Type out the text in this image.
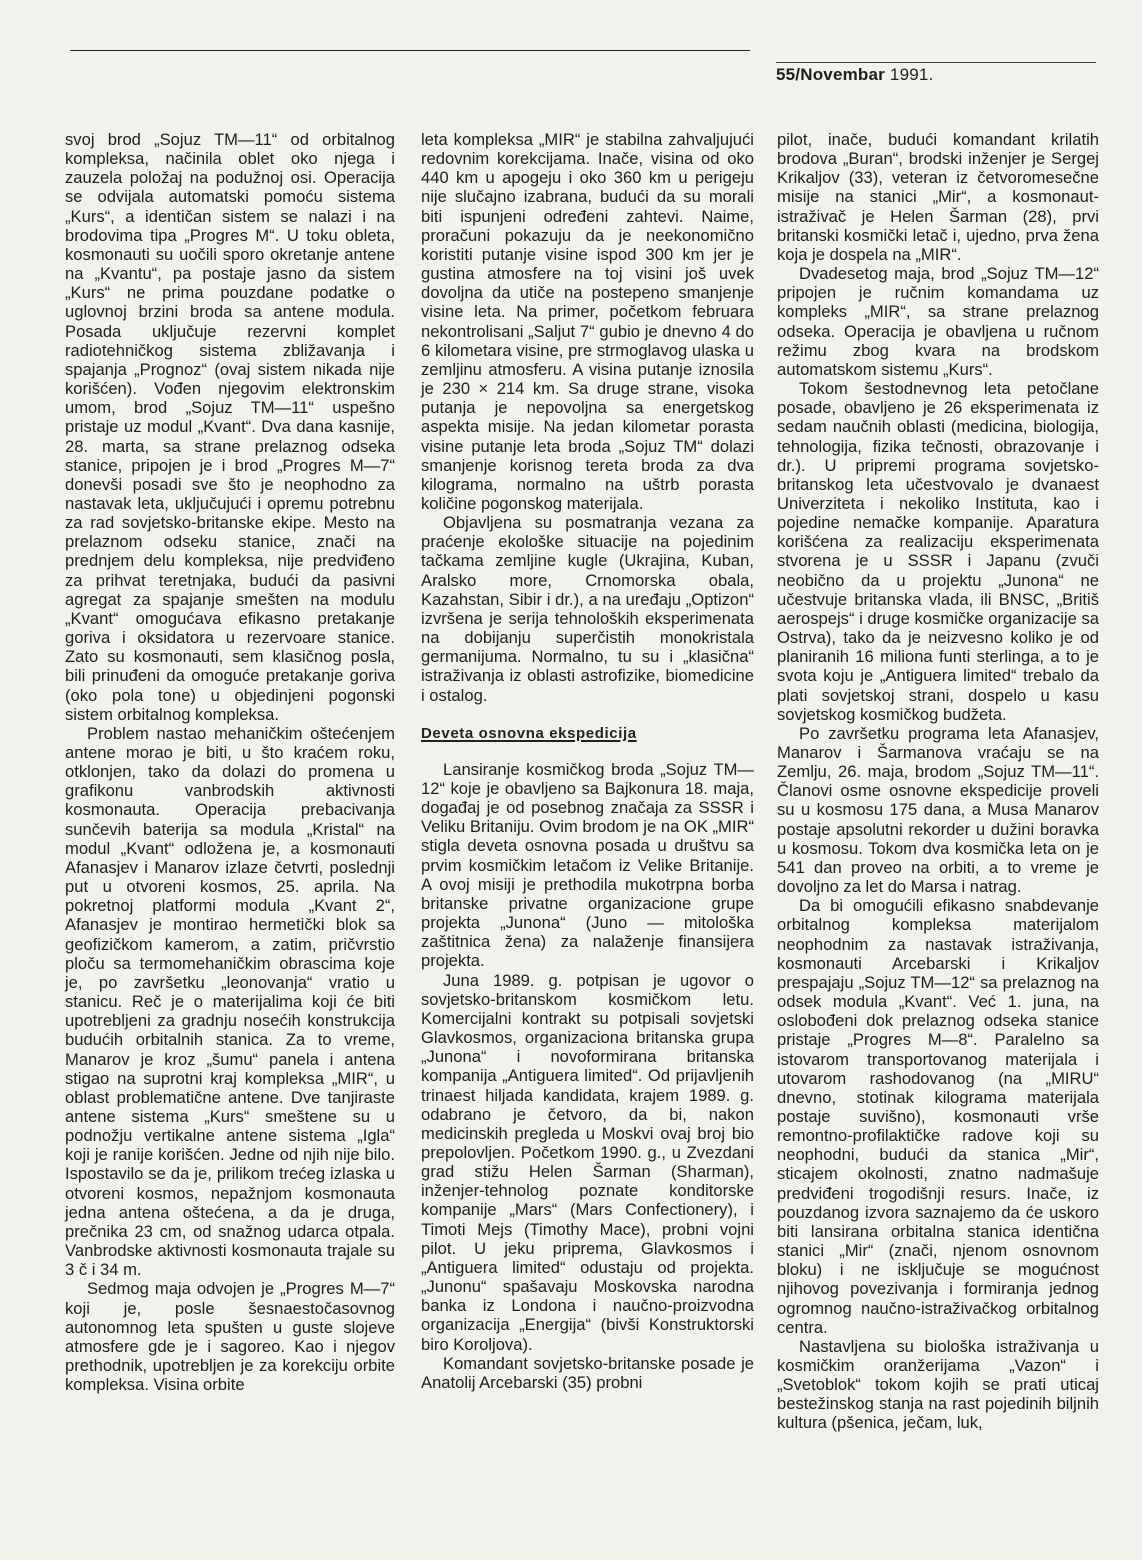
55/Novembar 1991.

svoj brod „Sojuz TM—11“ od orbitalnog kompleksa, načinila oblet oko njega i zauzela položaj na podužnoj osi. Operacija se odvijala automatski pomoću sistema „Kurs“, a identičan sistem se nalazi i na brodovima tipa „Progres M“. U toku obleta, kosmonauti su uočili sporo okretanje antene na „Kvantu“, pa postaje jasno da sistem „Kurs“ ne prima pouzdane podatke o uglovnoj brzini broda sa antene modula. Posada uključuje rezervni komplet radiotehničkog sistema zbližavanja i spajanja „Prognoz“ (ovaj sistem nikada nije korišćen). Vođen njegovim elektronskim umom, brod „Sojuz TM—11“ uspešno pristaje uz modul „Kvant“. Dva dana kasnije, 28. marta, sa strane prelaznog odseka stanice, pripojen je i brod „Progres M—7“ donevši posadi sve što je neophodno za nastavak leta, uključujući i opremu potrebnu za rad sovjetsko-britanske ekipe. Mesto na prelaznom odseku stanice, znači na prednjem delu kompleksa, nije predviđeno za prihvat teretnjaka, budući da pasivni agregat za spajanje smešten na modulu „Kvant“ omogućava efikasno pretakanje goriva i oksidatora u rezervoare stanice. Zato su kosmonauti, sem klasičnog posla, bili prinuđeni da omoguće pretakanje goriva (oko pola tone) u objedinjeni pogonski sistem orbitalnog kompleksa.

Problem nastao mehaničkim oštećenjem antene morao je biti, u što kraćem roku, otklonjen, tako da dolazi do promena u grafikonu vanbrodskih aktivnosti kosmonauta. Operacija prebacivanja sunčevih baterija sa modula „Kristal“ na modul „Kvant“ odložena je, a kosmonauti Afanasjev i Manarov izlaze četvrti, poslednji put u otvoreni kosmos, 25. aprila. Na pokretnoj platformi modula „Kvant 2“, Afanasjev je montirao hermetički blok sa geofizičkom kamerom, a zatim, pričvrstio ploču sa termomehaničkim obrascima koje je, po završetku „leonovanja“ vratio u stanicu. Reč je o materijalima koji će biti upotrebljeni za gradnju nosećih konstrukcija budućih orbitalnih stanica. Za to vreme, Manarov je kroz „šumu“ panela i antena stigao na suprotni kraj kompleksa „MIR“, u oblast problematične antene. Dve tanjiraste antene sistema „Kurs“ smeštene su u podnožju vertikalne antene sistema „Igla“ koji je ranije korišćen. Jedne od njih nije bilo. Ispostavilo se da je, prilikom trećeg izlaska u otvoreni kosmos, nepažnjom kosmonauta jedna antena oštećena, a da je druga, prečnika 23 cm, od snažnog udarca otpala. Vanbrodske aktivnosti kosmonauta trajale su 3 č i 34 m.

Sedmog maja odvojen je „Progres M—7“ koji je, posle šesnaestočasovnog autonomnog leta spušten u guste slojeve atmosfere gde je i sagoreo. Kao i njegov prethodnik, upotrebljen je za korekciju orbite kompleksa. Visina orbite

leta kompleksa „MIR“ je stabilna zahvaljujući redovnim korekcijama. Inače, visina od oko 440 km u apogeju i oko 360 km u perigeju nije slučajno izabrana, budući da su morali biti ispunjeni određeni zahtevi. Naime, proračuni pokazuju da je neekonomično koristiti putanje visine ispod 300 km jer je gustina atmosfere na toj visini još uvek dovoljna da utiče na postepeno smanjenje visine leta. Na primer, početkom februara nekontrolisani „Saljut 7“ gubio je dnevno 4 do 6 kilometara visine, pre strmoglavog ulaska u zemljinu atmosferu. A visina putanje iznosila je 230 × 214 km. Sa druge strane, visoka putanja je nepovoljna sa energetskog aspekta misije. Na jedan kilometar porasta visine putanje leta broda „Sojuz TM“ dolazi smanjenje korisnog tereta broda za dva kilograma, normalno na uštrb porasta količine pogonskog materijala.

Objavljena su posmatranja vezana za praćenje ekološke situacije na pojedinim tačkama zemljine kugle (Ukrajina, Kuban, Aralsko more, Crnomorska obala, Kazahstan, Sibir i dr.), a na uređaju „Optizon“ izvršena je serija tehnoloških eksperimenata na dobijanju superčistih monokristala germanijuma. Normalno, tu su i „klasična“ istraživanja iz oblasti astrofizike, biomedicine i ostalog.

Deveta osnovna ekspedicija

Lansiranje kosmičkog broda „Sojuz TM—12“ koje je obavljeno sa Bajkonura 18. maja, događaj je od posebnog značaja za SSSR i Veliku Britaniju. Ovim brodom je na OK „MIR“ stigla deveta osnovna posada u društvu sa prvim kosmičkim letačom iz Velike Britanije. A ovoj misiji je prethodila mukotrpna borba britanske privatne organizacione grupe projekta „Junona“ (Juno — mitološka zaštitnica žena) za nalaženje finansijera projekta.

Juna 1989. g. potpisan je ugovor o sovjetsko-britanskom kosmičkom letu. Komercijalni kontrakt su potpisali sovjetski Glavkosmos, organizaciona britanska grupa „Junona“ i novoformirana britanska kompanija „Antiguera limited“. Od prijavljenih trinaest hiljada kandidata, krajem 1989. g. odabrano je četvoro, da bi, nakon medicinskih pregleda u Moskvi ovaj broj bio prepolovljen. Početkom 1990. g., u Zvezdani grad stižu Helen Šarman (Sharman), inženjer-tehnolog poznate konditorske kompanije „Mars“ (Mars Confectionery), i Timoti Mejs (Timothy Mace), probni vojni pilot. U jeku priprema, Glavkosmos i „Antiguera limited“ odustaju od projekta. „Junonu“ spašavaju Moskovska narodna banka iz Londona i naučno-proizvodna organizacija „Energija“ (bivši Konstruktorski biro Koroljova).

Komandant sovjetsko-britanske posade je Anatolij Arcebarski (35) probni

pilot, inače, budući komandant krilatih brodova „Buran“, brodski inženjer je Sergej Krikaljov (33), veteran iz četvoromesečne misije na stanici „Mir“, a kosmonaut-istraživač je Helen Šarman (28), prvi britanski kosmički letač i, ujedno, prva žena koja je dospela na „MIR“.

Dvadesetog maja, brod „Sojuz TM—12“ pripojen je ručnim komandama uz kompleks „MIR“, sa strane prelaznog odseka. Operacija je obavljena u ručnom režimu zbog kvara na brodskom automatskom sistemu „Kurs“.

Tokom šestodnevnog leta petočlane posade, obavljeno je 26 eksperimenata iz sedam naučnih oblasti (medicina, biologija, tehnologija, fizika tečnosti, obrazovanje i dr.). U pripremi programa sovjetsko-britanskog leta učestvovalo je dvanaest Univerziteta i nekoliko Instituta, kao i pojedine nemačke kompanije. Aparatura korišćena za realizaciju eksperimenata stvorena je u SSSR i Japanu (zvuči neobično da u projektu „Junona“ ne učestvuje britanska vlada, ili BNSC, „Britiš aerospejs“ i druge kosmičke organizacije sa Ostrva), tako da je neizvesno koliko je od planiranih 16 miliona funti sterlinga, a to je svota koju je „Antiguera limited“ trebalo da plati sovjetskoj strani, dospelo u kasu sovjetskog kosmičkog budžeta.

Po završetku programa leta Afanasjev, Manarov i Šarmanova vraćaju se na Zemlju, 26. maja, brodom „Sojuz TM—11“. Članovi osme osnovne ekspedicije proveli su u kosmosu 175 dana, a Musa Manarov postaje apsolutni rekorder u dužini boravka u kosmosu. Tokom dva kosmička leta on je 541 dan proveo na orbiti, a to vreme je dovoljno za let do Marsa i natrag.

Da bi omogućili efikasno snabdevanje orbitalnog kompleksa materijalom neophodnim za nastavak istraživanja, kosmonauti Arcebarski i Krikaljov prespajaju „Sojuz TM—12“ sa prelaznog na odsek modula „Kvant“. Već 1. juna, na oslobođeni dok prelaznog odseka stanice pristaje „Progres M—8“. Paralelno sa istovarom transportovanog materijala i utovarom rashodovanog (na „MIRU“ dnevno, stotinak kilograma materijala postaje suvišno), kosmonauti vrše remontno-profilaktičke radove koji su neophodni, budući da stanica „Mir“, sticajem okolnosti, znatno nadmašuje predviđeni trogodišnji resurs. Inače, iz pouzdanog izvora saznajemo da će uskoro biti lansirana orbitalna stanica identična stanici „Mir“ (znači, njenom osnovnom bloku) i ne isključuje se mogućnost njihovog povezivanja i formiranja jednog ogromnog naučno-istraživačkog orbitalnog centra.

Nastavljena su biološka istraživanja u kosmičkim oranžerijama „Vazon“ i „Svetoblok“ tokom kojih se prati uticaj bestežinskog stanja na rast pojedinih biljnih kultura (pšenica, ječam, luk,
